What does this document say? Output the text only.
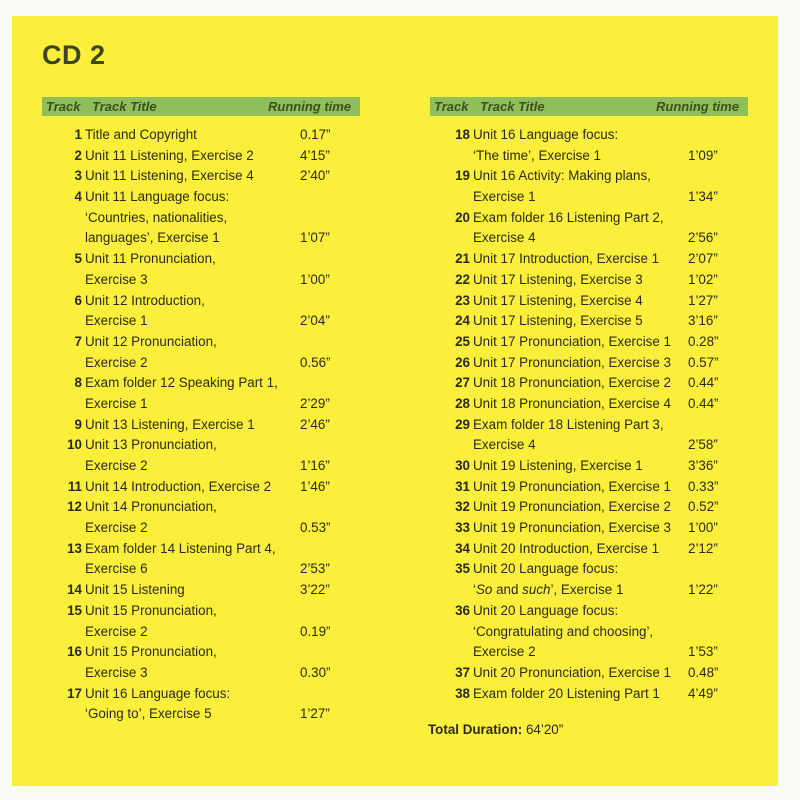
CD 2
Track Track Title	Running time	Track Track Title	Running time
1 Title and Copyright	0.17”
2 Unit 11 Listening, Exercise 2	4’15”
3 Unit 11 Listening, Exercise 4	2’40”
4 Unit 11 Language focus:
‘Countries, nationalities,
languages’, Exercise 1	1’07”
5 Unit 11 Pronunciation,
Exercise 3	1’00”
6 Unit 12 Introduction,
Exercise 1	2’04”
7 Unit 12 Pronunciation,
Exercise 2	0.56”
8 Exam folder 12 Speaking Part 1,
Exercise 1	2’29”
9 Unit 13 Listening, Exercise 1	2’46”
10 Unit 13 Pronunciation,
Exercise 2	1’16”
11 Unit 14 Introduction, Exercise 2 1’46”
12 Unit 14 Pronunciation,
Exercise 2	0.53”
13 Exam folder 14 Listening Part 4,
Exercise 6	2’53”
14 Unit 15 Listening	3’22”
15 Unit 15 Pronunciation,
Exercise 2	0.19”
16 Unit 15 Pronunciation,
Exercise 3	0.30”
17 Unit 16 Language focus:
‘Going to’, Exercise 5	1’27”
18 Unit 16 Language focus:
‘The time’, Exercise 1	1’09”
19 Unit 16 Activity: Making plans,
Exercise 1	1’34”
20 Exam folder 16 Listening Part 2,
Exercise 4	2’56”
21 Unit 17 Introduction, Exercise 1 2’07”
22 Unit 17 Listening, Exercise 3	1’02”
23 Unit 17 Listening, Exercise 4	1’27”
24 Unit 17 Listening, Exercise 5	3’16”
25 Unit 17 Pronunciation, Exercise 1 0.28”
26 Unit 17 Pronunciation, Exercise 3 0.57”
27 Unit 18 Pronunciation, Exercise 2 0.44”
28 Unit 18 Pronunciation, Exercise 4 0.44”
29 Exam folder 18 Listening Part 3,
Exercise 4	2’58”
30 Unit 19 Listening, Exercise 1	3’36”
31 Unit 19 Pronunciation, Exercise 1 0.33”
32 Unit 19 Pronunciation, Exercise 2 0.52”
33 Unit 19 Pronunciation, Exercise 3 1’00”
34 Unit 20 Introduction, Exercise 1 2’12”
35 Unit 20 Language focus:
‘So and such’, Exercise 1	1’22”
36 Unit 20 Language focus:
‘Congratulating and choosing’,
Exercise 2	1’53”
37 Unit 20 Pronunciation, Exercise 1 0.48”
38 Exam folder 20 Listening Part 1 4’49”
Total Duration: 64’20”
